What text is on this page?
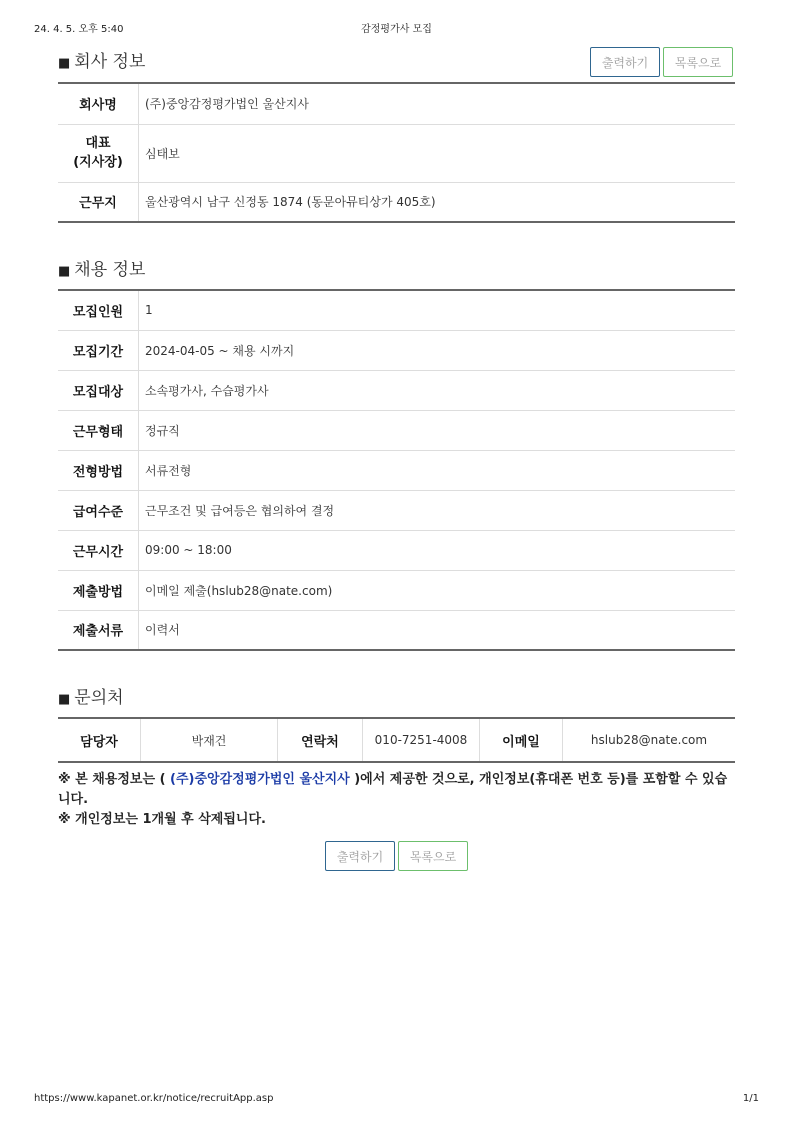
24. 4. 5. 오후 5:40	감정평가사 모집
■ 회사 정보	출력하기	목록으로
회사명	(주)중앙감정평가법인 울산지사
대표
(지사장)	심태보
근무지	울산광역시 남구 신정동 1874 (동문아뮤티상가 405호)
■ 채용 정보
모집인원	1
모집기간	2024-04-05 ~ 채용 시까지
모집대상	소속평가사, 수습평가사
근무형태	정규직
전형방법	서류전형
급여수준	근무조건 및 급여등은 협의하여 결정
근무시간	09:00 ~ 18:00
제출방법	이메일 제출(hslub28@nate.com)
제출서류	이력서
■ 문의처
담당자	박재건	연락처	010-7251-4008	이메일	hslub28@nate.com
※ 본 채용정보는 ( (주)중앙감정평가법인 울산지사 )에서 제공한 것으로, 개인정보(휴대폰 번호 등)를 포함할 수 있습니다.
※ 개인정보는 1개월 후 삭제됩니다.
출력하기	목록으로
https://www.kapanet.or.kr/notice/recruitApp.asp	1/1
